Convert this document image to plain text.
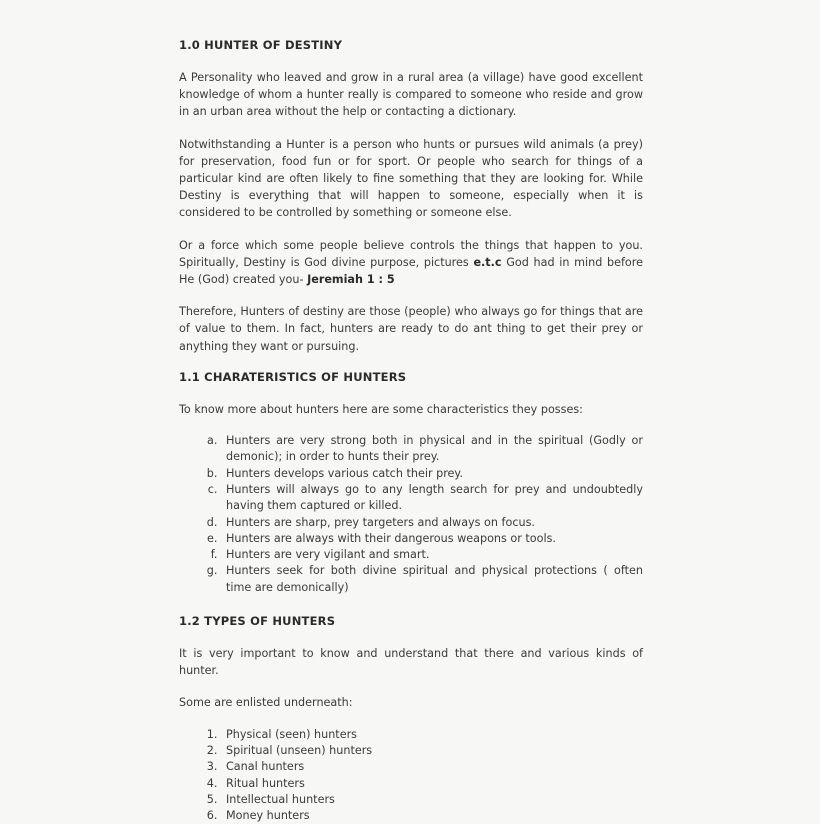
1.0 HUNTER OF DESTINY

A Personality who leaved and grow in a rural area (a village) have good excellent knowledge of whom a hunter really is compared to someone who reside and grow in an urban area without the help or contacting a dictionary.

Notwithstanding a Hunter is a person who hunts or pursues wild animals (a prey) for preservation, food fun or for sport. Or people who search for things of a particular kind are often likely to fine something that they are looking for. While Destiny is everything that will happen to someone, especially when it is considered to be controlled by something or someone else.

Or a force which some people believe controls the things that happen to you. Spiritually, Destiny is God divine purpose, pictures e.t.c God had in mind before He (God) created you- Jeremiah 1 : 5

Therefore, Hunters of destiny are those (people) who always go for things that are of value to them. In fact, hunters are ready to do ant thing to get their prey or anything they want or pursuing.

1.1 CHARATERISTICS OF HUNTERS

To know more about hunters here are some characteristics they posses:

a. Hunters are very strong both in physical and in the spiritual (Godly or demonic); in order to hunts their prey.
b. Hunters develops various catch their prey.
c. Hunters will always go to any length search for prey and undoubtedly having them captured or killed.
d. Hunters are sharp, prey targeters and always on focus.
e. Hunters are always with their dangerous weapons or tools.
f. Hunters are very vigilant and smart.
g. Hunters seek for both divine spiritual and physical protections ( often time are demonically)
1.2 TYPES OF HUNTERS

It is very important to know and understand that there and various kinds of hunter.

Some are enlisted underneath:

1. Physical (seen) hunters
2. Spiritual (unseen) hunters
3. Canal hunters
4. Ritual hunters
5. Intellectual hunters
6. Money hunters
